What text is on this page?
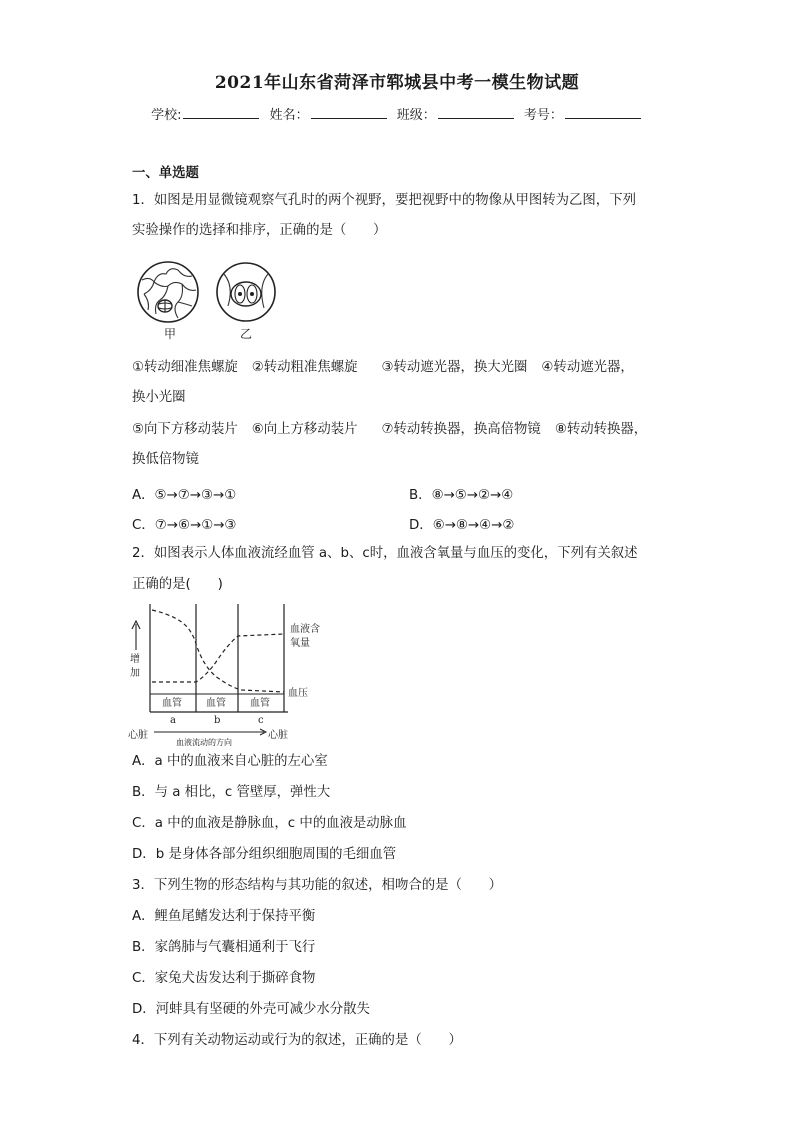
2021年山东省菏泽市郓城县中考一模生物试题
学校:	姓名：	班级：	考号：
一、单选题
1．如图是用显微镜观察气孔时的两个视野，要把视野中的物像从甲图转为乙图，下列
实验操作的选择和排序，正确的是（　　）
甲	乙
①转动细准焦螺旋 ②转动粗准焦螺旋 ③转动遮光器，换大光圈 ④转动遮光器，
换小光圈
⑤向下方移动装片 ⑥向上方移动装片 ⑦转动转换器，换高倍物镜 ⑧转动转换器，
换低倍物镜
A．⑤→⑦→③→①	B．⑧→⑤→②→④
C．⑦→⑥→①→③	D．⑥→⑧→④→②
2．如图表示人体血液流经血管 a、b、c时，血液含氧量与血压的变化，下列有关叙述
正确的是(　　)
增加
血液含
氧量
血压
血管 血管 血管
a	b	c
心脏	心脏
血液流动的方向
A．a 中的血液来自心脏的左心室
B．与 a 相比，c 管壁厚，弹性大
C．a 中的血液是静脉血，c 中的血液是动脉血
D．b 是身体各部分组织细胞周围的毛细血管
3．下列生物的形态结构与其功能的叙述，相吻合的是（　　）
A．鲤鱼尾鳍发达利于保持平衡
B．家鸽肺与气囊相通利于飞行
C．家兔犬齿发达利于撕碎食物
D．河蚌具有坚硬的外壳可减少水分散失
4．下列有关动物运动或行为的叙述，正确的是（　　）
